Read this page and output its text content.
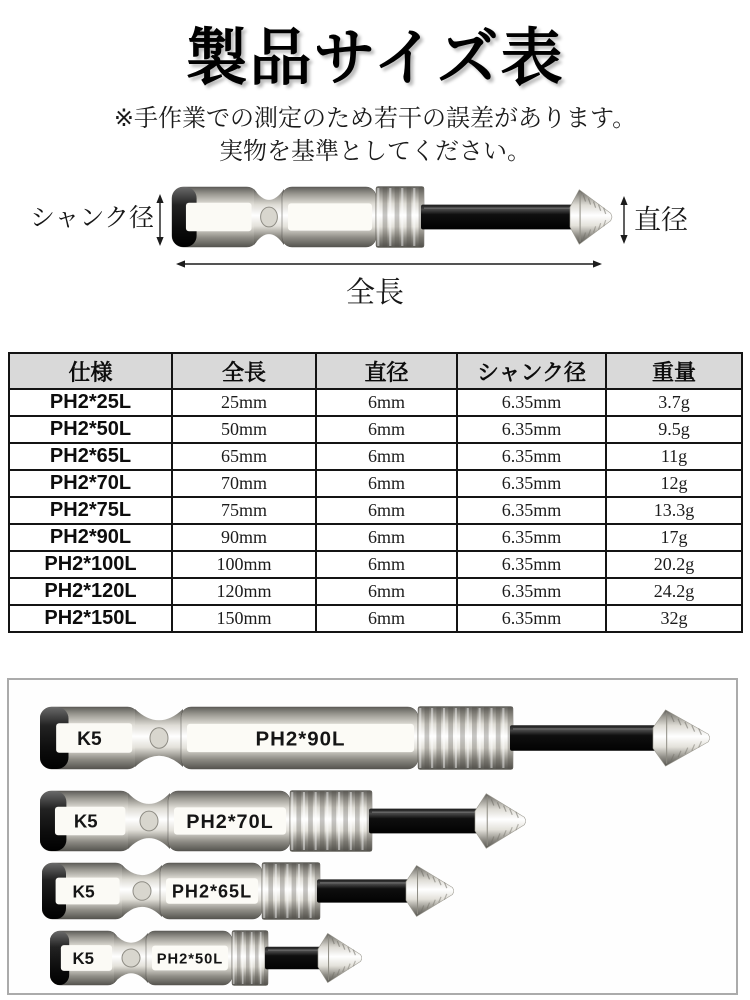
製品サイズ表
※手作業での測定のため若干の誤差があります。
実物を基準としてください。
シャンク径	直径
全長
仕様	全長	直径	シャンク径	重量
PH2*25L	25mm	6mm	6.35mm	3.7g
PH2*50L	50mm	6mm	6.35mm	9.5g
PH2*65L	65mm	6mm	6.35mm	11g
PH2*70L	70mm	6mm	6.35mm	12g
PH2*75L	75mm	6mm	6.35mm	13.3g
PH2*90L	90mm	6mm	6.35mm	17g
PH2*100L	100mm	6mm	6.35mm	20.2g
PH2*120L	120mm	6mm	6.35mm	24.2g
PH2*150L	150mm	6mm	6.35mm	32g
K5	PH2*90L
K5	PH2*70L
K5	PH2*65L
K5	PH2*50L
